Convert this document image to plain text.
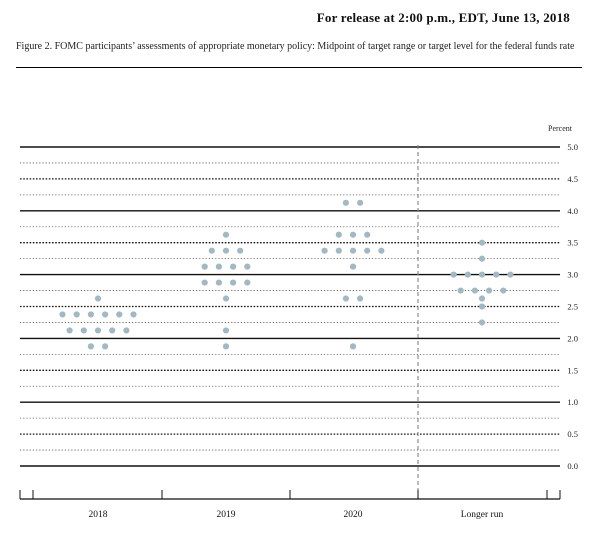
For release at 2:00 p.m., EDT, June 13, 2018
Figure 2. FOMC participants’ assessments of appropriate monetary policy: Midpoint of target range or target level for the federal funds rate
Percent
5.0
4.5
4.0
3.5
3.0
2.5
2.0
1.5
1.0
0.5
0.0
2018	2019	2020	Longer run
